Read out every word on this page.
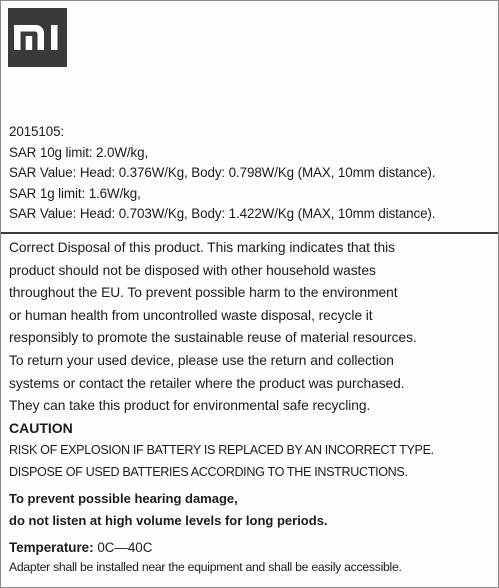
2015105:
SAR 10g limit: 2.0W/kg,
SAR Value: Head: 0.376W/Kg, Body: 0.798W/Kg (MAX, 10mm distance).
SAR 1g limit: 1.6W/kg,
SAR Value: Head: 0.703W/Kg, Body: 1.422W/Kg (MAX, 10mm distance).
Correct Disposal of this product. This marking indicates that this
product should not be disposed with other household wastes
throughout the EU. To prevent possible harm to the environment
or human health from uncontrolled waste disposal, recycle it
responsibly to promote the sustainable reuse of material resources.
To return your used device, please use the return and collection
systems or contact the retailer where the product was purchased.
They can take this product for environmental safe recycling.
CAUTION
RISK OF EXPLOSION IF BATTERY IS REPLACED BY AN INCORRECT TYPE.
DISPOSE OF USED BATTERIES ACCORDING TO THE INSTRUCTIONS.
To prevent possible hearing damage,
do not listen at high volume levels for long periods.
Temperature: 0C—40C
Adapter shall be installed near the equipment and shall be easily accessible.
